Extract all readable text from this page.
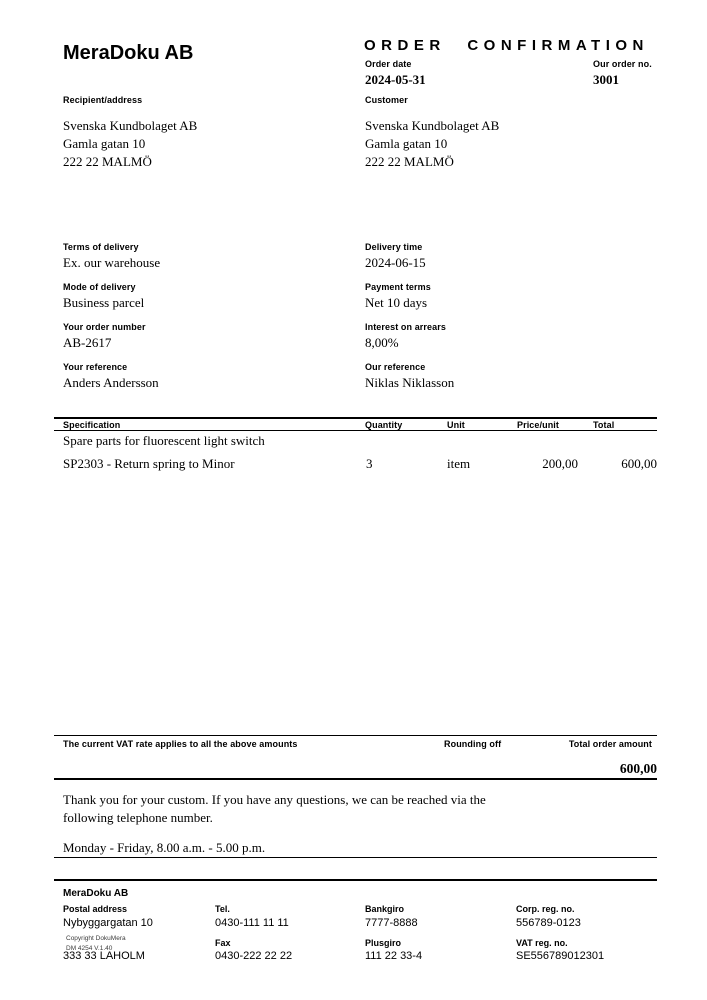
MeraDoku AB	ORDER CONFIRMATION
Order date
2024-05-31
Our order no.
3001
Recipient/address	Customer
Svenska Kundbolaget AB
Gamla gatan 10
222 22 MALMÖ
Svenska Kundbolaget AB
Gamla gatan 10
222 22 MALMÖ
Terms of delivery
Ex. our warehouse
Delivery time
2024-06-15
Mode of delivery
Business parcel
Payment terms
Net 10 days
Your order number
AB-2617
Interest on arrears
8,00%
Your reference
Anders Andersson
Our reference
Niklas Niklasson
Specification	Quantity	Unit	Price/unit	Total
Spare parts for fluorescent light switch
SP2303 - Return spring to Minor	3	item	200,00	600,00
The current VAT rate applies to all the above amounts	Rounding off	Total order amount
600,00
Thank you for your custom. If you have any questions, we can be reached via the
following telephone number.
Monday - Friday, 8.00 a.m. - 5.00 p.m.
MeraDoku AB
Postal address
Nybyggargatan 10
333 33 LAHOLM
Tel.
0430-111 11 11
Fax
0430-222 22 22
Bankgiro
7777-8888
Plusgiro
111 22 33-4
Corp. reg. no.
556789-0123
VAT reg. no.
SE556789012301
Copyright DokuMera
DM 4254 V.1.40
